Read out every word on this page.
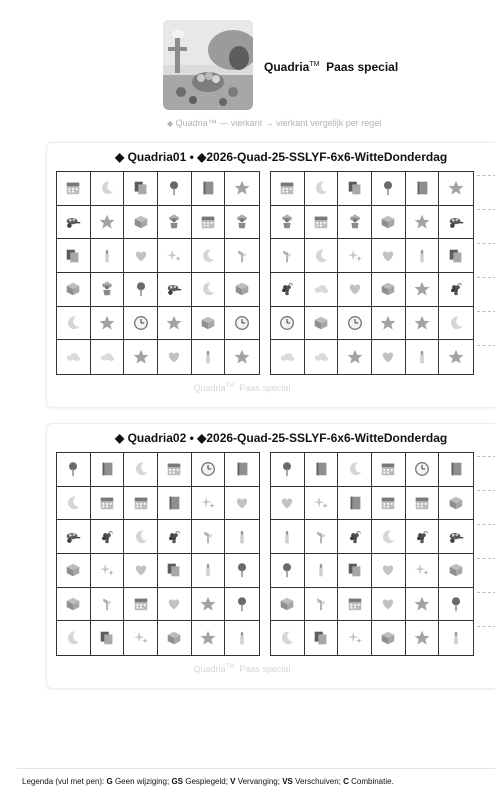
Quadria™ Paas special
◆ Quadria™ — vierkant → vierkant vergelijk per regel
◆ Quadria01 • ◆2026-Quad-25-SSLYF-6x6-WitteDonderdag
Quadria™ Paas special
◆ Quadria02 • ◆2026-Quad-25-SSLYF-6x6-WitteDonderdag
Quadria™ Paas special
Legenda (vul met pen): G Geen wijziging; GS Gespiegeld; V Vervanging; VS Verschuiven; C Combinatie.
